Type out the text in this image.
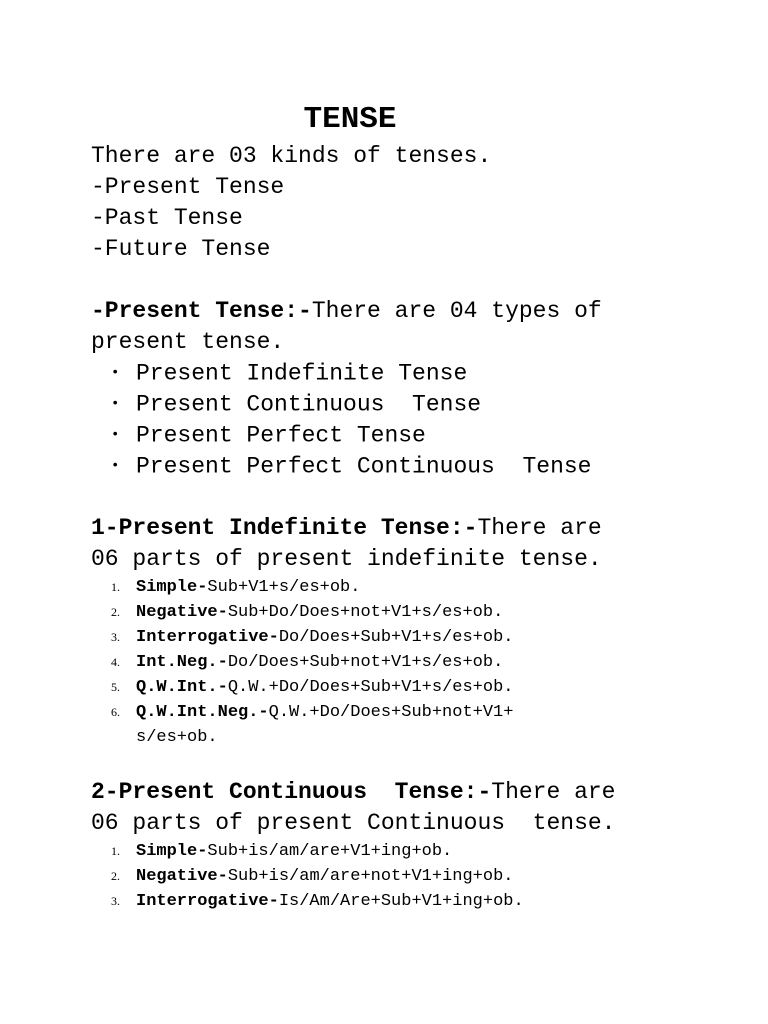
TENSE
There are 03 kinds of tenses.
-Present Tense
-Past Tense
-Future Tense
-Present Tense:-There are 04 types of
present tense.
• Present Indefinite Tense
• Present Continuous  Tense
• Present Perfect Tense
• Present Perfect Continuous  Tense
1-Present Indefinite Tense:-There are
06 parts of present indefinite tense.
1. Simple-Sub+V1+s/es+ob.
2. Negative-Sub+Do/Does+not+V1+s/es+ob.
3. Interrogative-Do/Does+Sub+V1+s/es+ob.
4. Int.Neg.-Do/Does+Sub+not+V1+s/es+ob.
5. Q.W.Int.-Q.W.+Do/Does+Sub+V1+s/es+ob.
6. Q.W.Int.Neg.-Q.W.+Do/Does+Sub+not+V1+
s/es+ob.
2-Present Continuous  Tense:-There are
06 parts of present Continuous  tense.
1. Simple-Sub+is/am/are+V1+ing+ob.
2. Negative-Sub+is/am/are+not+V1+ing+ob.
3. Interrogative-Is/Am/Are+Sub+V1+ing+ob.
